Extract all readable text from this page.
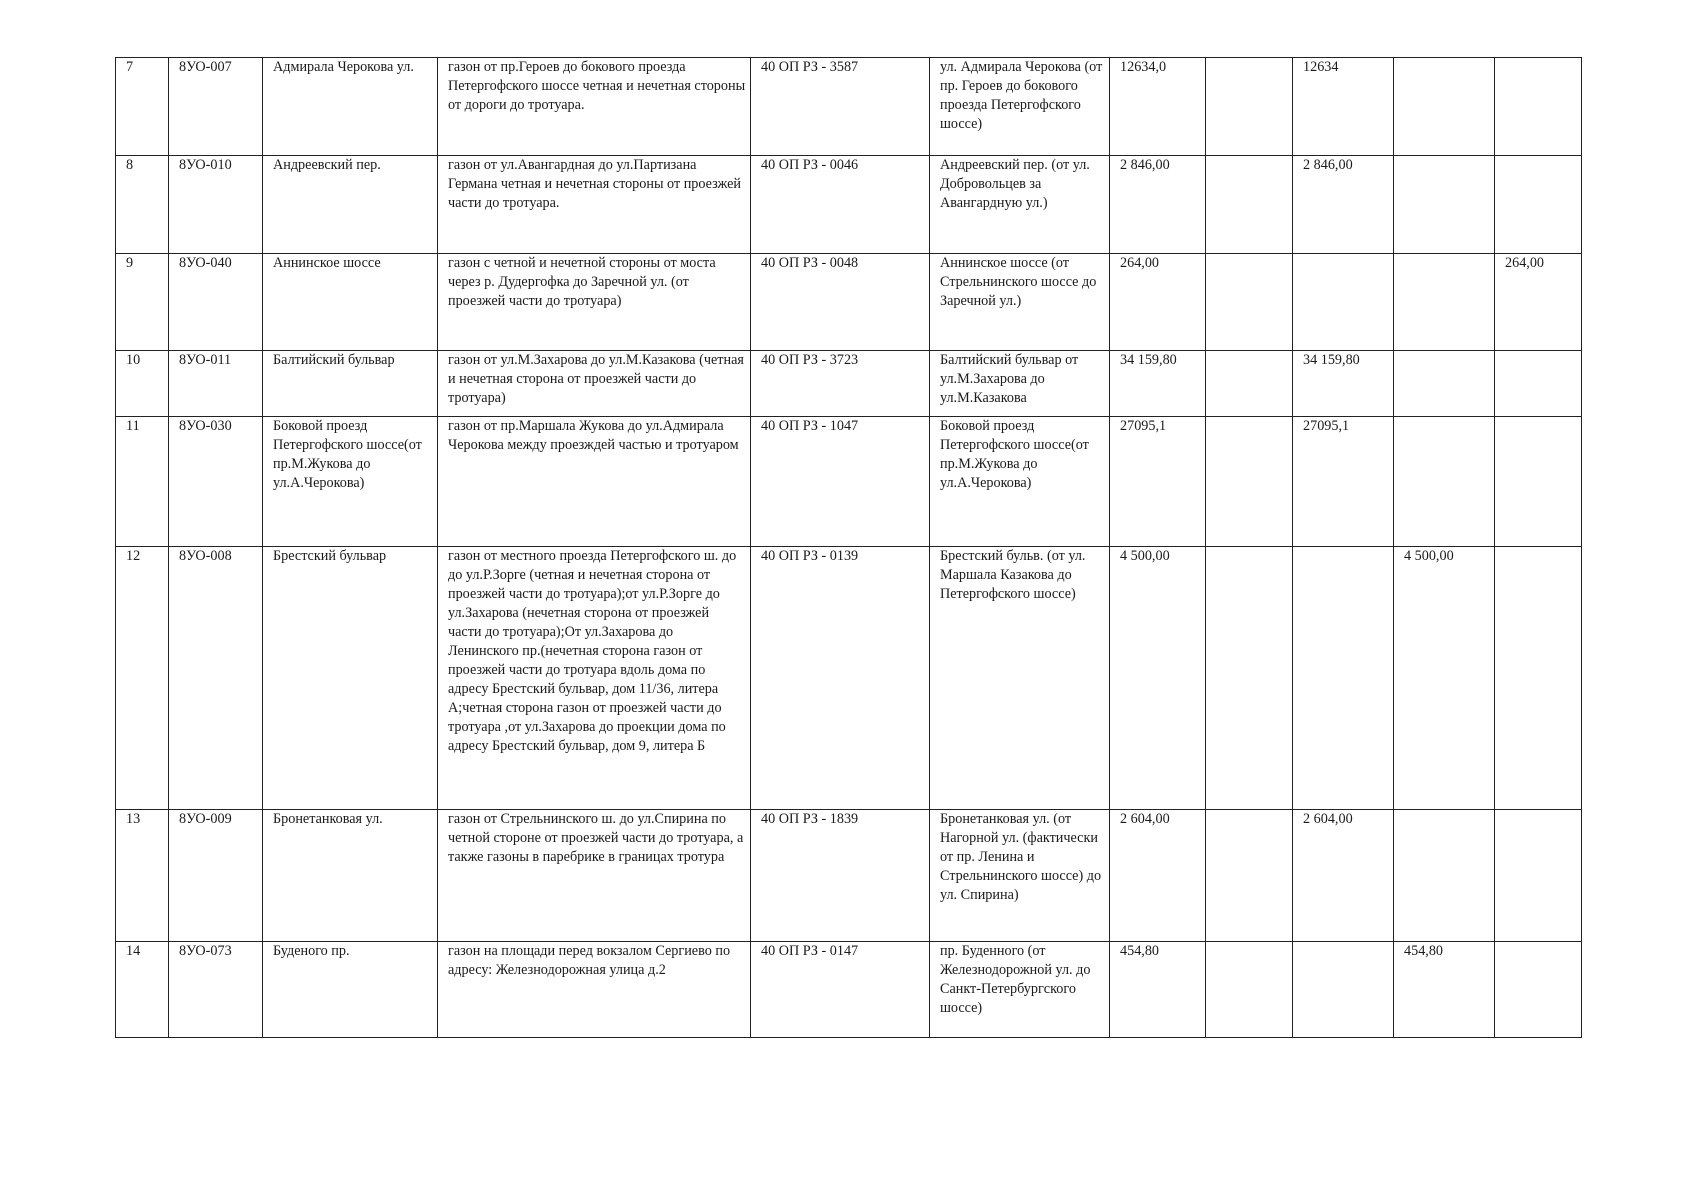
7	8УО-007	Адмирала Черокова ул.	газон от пр.Героев до бокового проезда Петергофского шоссе четная и нечетная стороны от дороги до тротуара.	40 ОП РЗ - 3587	ул. Адмирала Черокова (от пр. Героев до бокового проезда Петергофского шоссе)	12634,0		12634		
8	8УО-010	Андреевский пер.	газон от ул.Авангардная до ул.Партизана Германа четная и нечетная стороны от проезжей части до тротуара.	40 ОП РЗ - 0046	Андреевский пер. (от ул. Добровольцев за Авангардную ул.)	2 846,00		2 846,00		
9	8УО-040	Аннинское шоссе	газон с четной и нечетной стороны от моста через р. Дудергофка до Заречной ул. (от проезжей части до тротуара)	40 ОП РЗ - 0048	Аннинское шоссе (от Стрельнинского шоссе до Заречной ул.)	264,00				264,00
10	8УО-011	Балтийский бульвар	газон от ул.М.Захарова до ул.М.Казакова (четная и нечетная сторона от проезжей части до тротуара)	40 ОП РЗ - 3723	Балтийский бульвар от ул.М.Захарова до ул.М.Казакова	34 159,80		34 159,80		
11	8УО-030	Боковой проезд Петергофского шоссе(от пр.М.Жукова до ул.А.Черокова)	газон от пр.Маршала Жукова до ул.Адмирала Черокова между проезждей частью и тротуаром	40 ОП РЗ - 1047	Боковой проезд Петергофского шоссе(от пр.М.Жукова до ул.А.Черокова)	27095,1		27095,1		
12	8УО-008	Брестский бульвар	газон от местного проезда Петергофского ш. до до ул.Р.Зорге (четная и нечетная сторона от проезжей части до тротуара);от ул.Р.Зорге до ул.Захарова (нечетная сторона от проезжей части до тротуара);От ул.Захарова до Ленинского пр.(нечетная сторона газон от проезжей части до тротуара вдоль дома по адресу Брестский бульвар, дом 11/36, литера А;четная сторона газон от проезжей части до тротуара ,от ул.Захарова до проекции дома по адресу Брестский бульвар, дом 9, литера Б	40 ОП РЗ - 0139	Брестский бульв. (от ул. Маршала Казакова до Петергофского шоссе)	4 500,00			4 500,00	
13	8УО-009	Бронетанковая ул.	газон от Стрельнинского ш. до ул.Спирина по четной стороне от проезжей части до тротуара, а также газоны в паребрике в границах тротура	40 ОП РЗ - 1839	Бронетанковая ул. (от Нагорной ул. (фактически от пр. Ленина и Стрельнинского шоссе) до ул. Спирина)	2 604,00		2 604,00		
14	8УО-073	Буденого пр.	газон на площади перед вокзалом Сергиево по адресу: Железнодорожная улица д.2	40 ОП РЗ - 0147	пр. Буденного (от Железнодорожной ул. до Санкт-Петербургского шоссе)	454,80			454,80	
